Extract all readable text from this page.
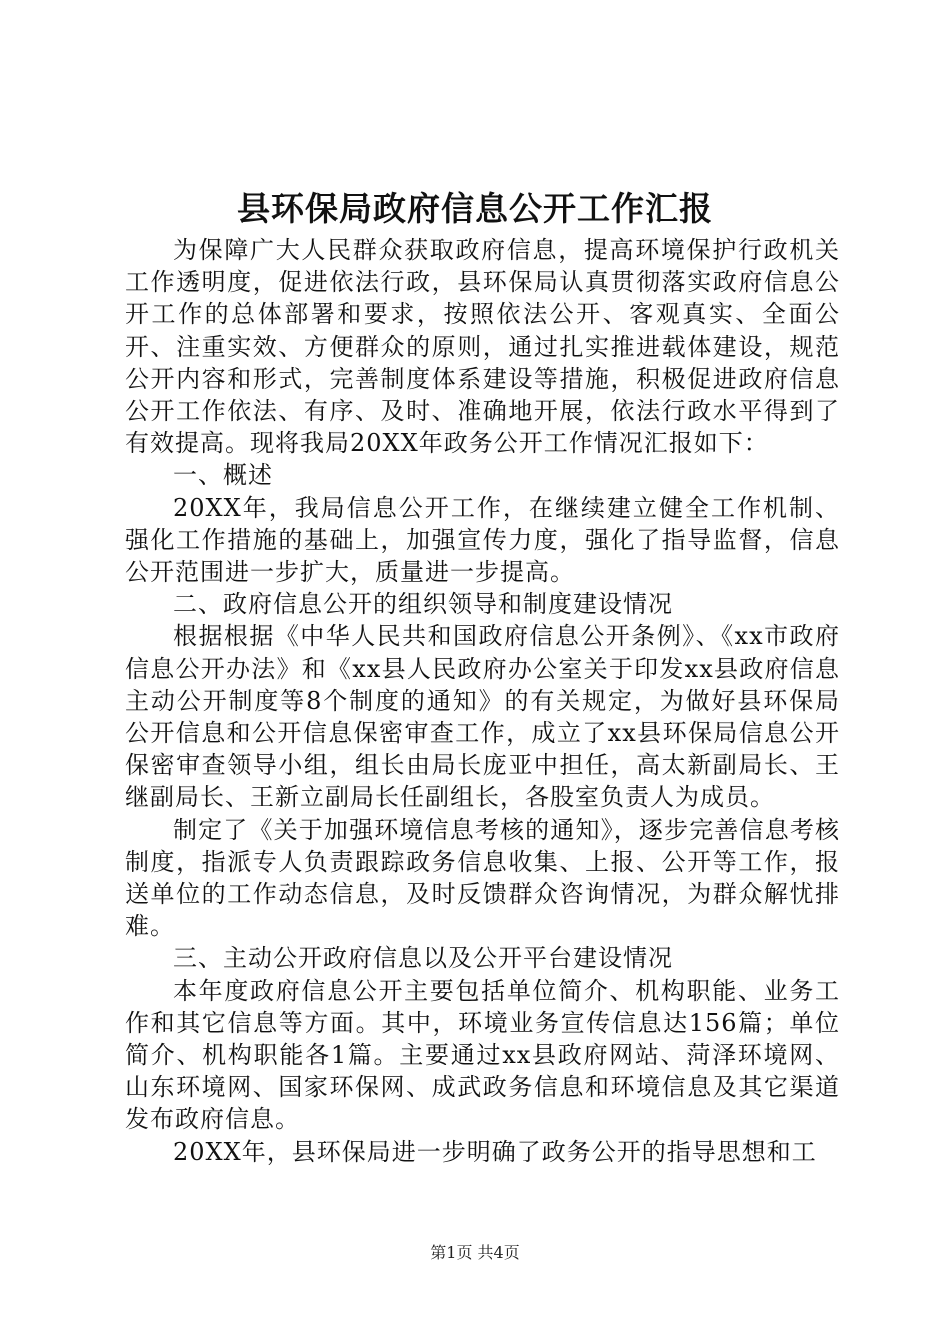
县环保局政府信息公开工作汇报

为保障广大人民群众获取政府信息，提高环境保护行政机关工作透明度，促进依法行政，县环保局认真贯彻落实政府信息公开工作的总体部署和要求，按照依法公开、客观真实、全面公开、注重实效、方便群众的原则，通过扎实推进载体建设，规范公开内容和形式，完善制度体系建设等措施，积极促进政府信息公开工作依法、有序、及时、准确地开展，依法行政水平得到了有效提高。现将我局20XX年政务公开工作情况汇报如下：

一、概述

20XX年，我局信息公开工作，在继续建立健全工作机制、强化工作措施的基础上，加强宣传力度，强化了指导监督，信息公开范围进一步扩大，质量进一步提高。

二、政府信息公开的组织领导和制度建设情况

根据根据《中华人民共和国政府信息公开条例》、《xx市政府信息公开办法》和《xx县人民政府办公室关于印发xx县政府信息主动公开制度等8个制度的通知》的有关规定，为做好县环保局公开信息和公开信息保密审查工作，成立了xx县环保局信息公开保密审查领导小组，组长由局长庞亚中担任，高太新副局长、王继副局长、王新立副局长任副组长，各股室负责人为成员。

制定了《关于加强环境信息考核的通知》，逐步完善信息考核制度，指派专人负责跟踪政务信息收集、上报、公开等工作，报送单位的工作动态信息，及时反馈群众咨询情况，为群众解忧排难。

三、主动公开政府信息以及公开平台建设情况

本年度政府信息公开主要包括单位简介、机构职能、业务工作和其它信息等方面。其中，环境业务宣传信息达156篇；单位简介、机构职能各1篇。主要通过xx县政府网站、菏泽环境网、山东环境网、国家环保网、成武政务信息和环境信息及其它渠道发布政府信息。

20XX年，县环保局进一步明确了政务公开的指导思想和工

第1页 共4页
